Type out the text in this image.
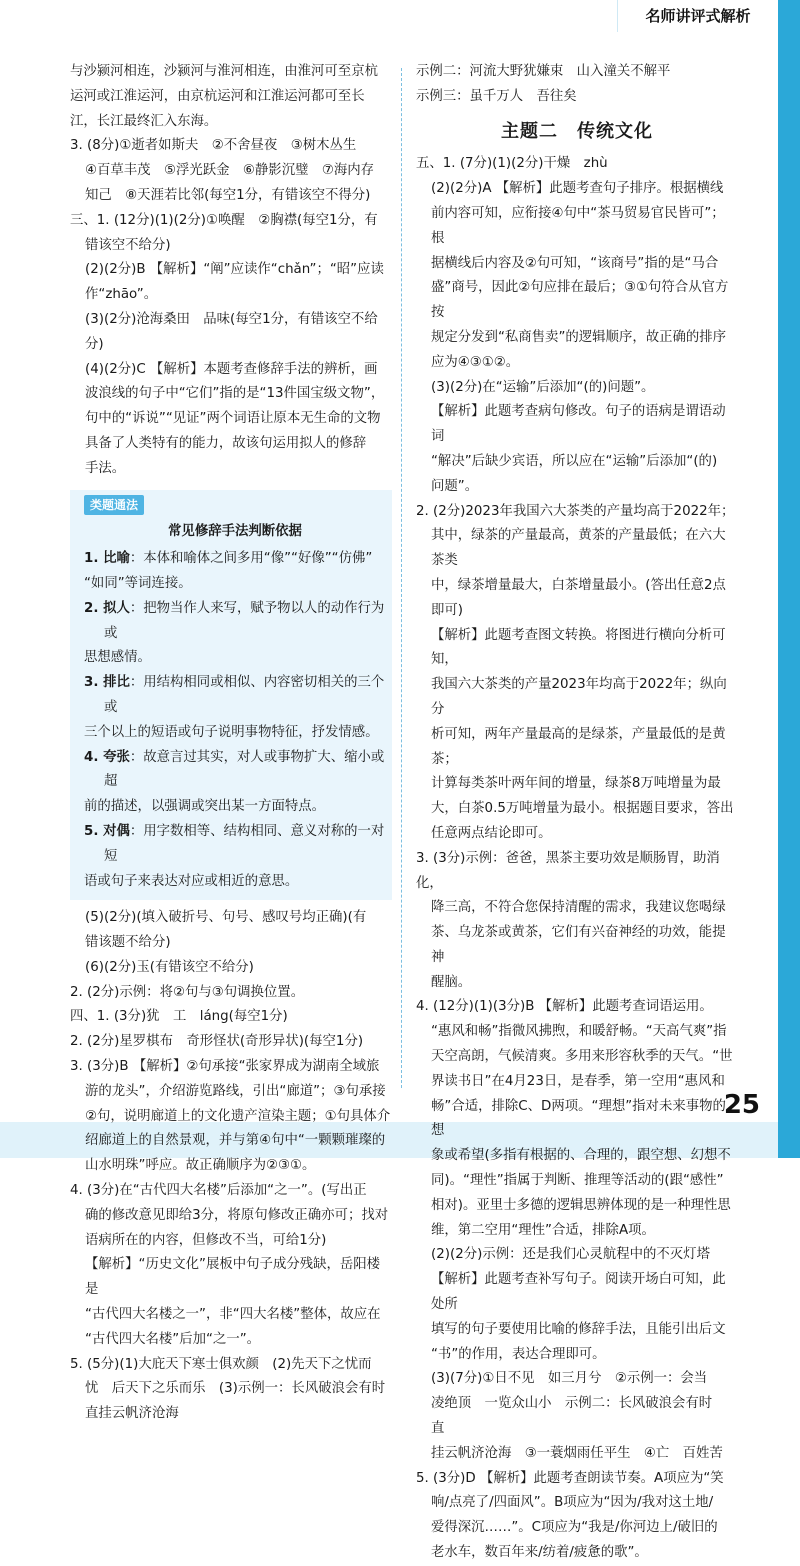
名师讲评式解析
25

与沙颍河相连，沙颍河与淮河相连，由淮河可至京杭

运河或江淮运河，由京杭运河和江淮运河都可至长

江，长江最终汇入东海。

3. (8分)①逝者如斯夫　②不舍昼夜　③树木丛生

④百草丰茂　⑤浮光跃金　⑥静影沉璧　⑦海内存

知己　⑧天涯若比邻(每空1分，有错该空不得分)

三、1. (12分)(1)(2分)①唤醒　②胸襟(每空1分，有

错该空不给分)

(2)(2分)B 【解析】“阐”应读作“chǎn”；“昭”应读

作“zhāo”。

(3)(2分)沧海桑田　品味(每空1分，有错该空不给分)

(4)(2分)C 【解析】本题考查修辞手法的辨析，画

波浪线的句子中“它们”指的是“13件国宝级文物”，

句中的“诉说”“见证”两个词语让原本无生命的文物

具备了人类特有的能力，故该句运用拟人的修辞

手法。

类题通法
常见修辞手法判断依据

1. 比喻：本体和喻体之间多用“像”“好像”“仿佛”

“如同”等词连接。

2. 拟人：把物当作人来写，赋予物以人的动作行为或

思想感情。

3. 排比：用结构相同或相似、内容密切相关的三个或

三个以上的短语或句子说明事物特征，抒发情感。

4. 夸张：故意言过其实，对人或事物扩大、缩小或超

前的描述，以强调或突出某一方面特点。

5. 对偶：用字数相等、结构相同、意义对称的一对短

语或句子来表达对应或相近的意思。

(5)(2分)(填入破折号、句号、感叹号均正确)(有

错该题不给分)

(6)(2分)玉(有错该空不给分)

2. (2分)示例：将②句与③句调换位置。

四、1. (3分)犹　工　láng(每空1分)

2. (2分)星罗棋布　奇形怪状(奇形异状)(每空1分)

3. (3分)B 【解析】②句承接“张家界成为湖南全域旅

游的龙头”，介绍游览路线，引出“廊道”；③句承接

②句，说明廊道上的文化遗产渲染主题；①句具体介

绍廊道上的自然景观，并与第④句中“一颗颗璀璨的

山水明珠”呼应。故正确顺序为②③①。

4. (3分)在“古代四大名楼”后添加“之一”。(写出正

确的修改意见即给3分，将原句修改正确亦可；找对

语病所在的内容，但修改不当，可给1分)

【解析】“历史文化”展板中句子成分残缺，岳阳楼是

“古代四大名楼之一”，非“四大名楼”整体，故应在

“古代四大名楼”后加“之一”。

5. (5分)(1)大庇天下寒士俱欢颜　(2)先天下之忧而

忧　后天下之乐而乐　(3)示例一：长风破浪会有时

直挂云帆济沧海

示例二：河流大野犹嫌束　山入潼关不解平

示例三：虽千万人　吾往矣

主题二　传统文化

五、1. (7分)(1)(2分)干燥　zhù

(2)(2分)A 【解析】此题考查句子排序。根据横线

前内容可知，应衔接④句中“茶马贸易官民皆可”；根

据横线后内容及②句可知，“该商号”指的是“马合

盛”商号，因此②句应排在最后；③①句符合从官方按

规定分发到“私商售卖”的逻辑顺序，故正确的排序

应为④③①②。

(3)(2分)在“运输”后添加“(的)问题”。

【解析】此题考查病句修改。句子的语病是谓语动词

“解决”后缺少宾语，所以应在“运输”后添加“(的)

问题”。

2. (2分)2023年我国六大茶类的产量均高于2022年；

其中，绿茶的产量最高，黄茶的产量最低；在六大茶类

中，绿茶增量最大，白茶增量最小。(答出任意2点

即可)

【解析】此题考查图文转换。将图进行横向分析可知，

我国六大茶类的产量2023年均高于2022年；纵向分

析可知，两年产量最高的是绿茶，产量最低的是黄茶；

计算每类茶叶两年间的增量，绿茶8万吨增量为最

大，白茶0.5万吨增量为最小。根据题目要求，答出

任意两点结论即可。

3. (3分)示例：爸爸，黑茶主要功效是顺肠胃，助消化，

降三高，不符合您保持清醒的需求，我建议您喝绿

茶、乌龙茶或黄茶，它们有兴奋神经的功效，能提神

醒脑。

4. (12分)(1)(3分)B 【解析】此题考查词语运用。

“惠风和畅”指微风拂煦，和暖舒畅。“天高气爽”指

天空高朗，气候清爽。多用来形容秋季的天气。“世

界读书日”在4月23日，是春季，第一空用“惠风和

畅”合适，排除C、D两项。“理想”指对未来事物的想

象或希望(多指有根据的、合理的，跟空想、幻想不

同)。“理性”指属于判断、推理等活动的(跟“感性”

相对)。亚里士多德的逻辑思辨体现的是一种理性思

维，第二空用“理性”合适，排除A项。

(2)(2分)示例：还是我们心灵航程中的不灭灯塔

【解析】此题考查补写句子。阅读开场白可知，此处所

填写的句子要使用比喻的修辞手法，且能引出后文

“书”的作用，表达合理即可。

(3)(7分)①日不见　如三月兮　②示例一：会当

凌绝顶　一览众山小　示例二：长风破浪会有时　直

挂云帆济沧海　③一蓑烟雨任平生　④亡　百姓苦

5. (3分)D 【解析】此题考查朗读节奏。A项应为“笑

响/点亮了/四面风”。B项应为“因为/我对这土地/

爱得深沉……”。C项应为“我是/你河边上/破旧的

老水车，数百年来/纺着/疲惫的歌”。
